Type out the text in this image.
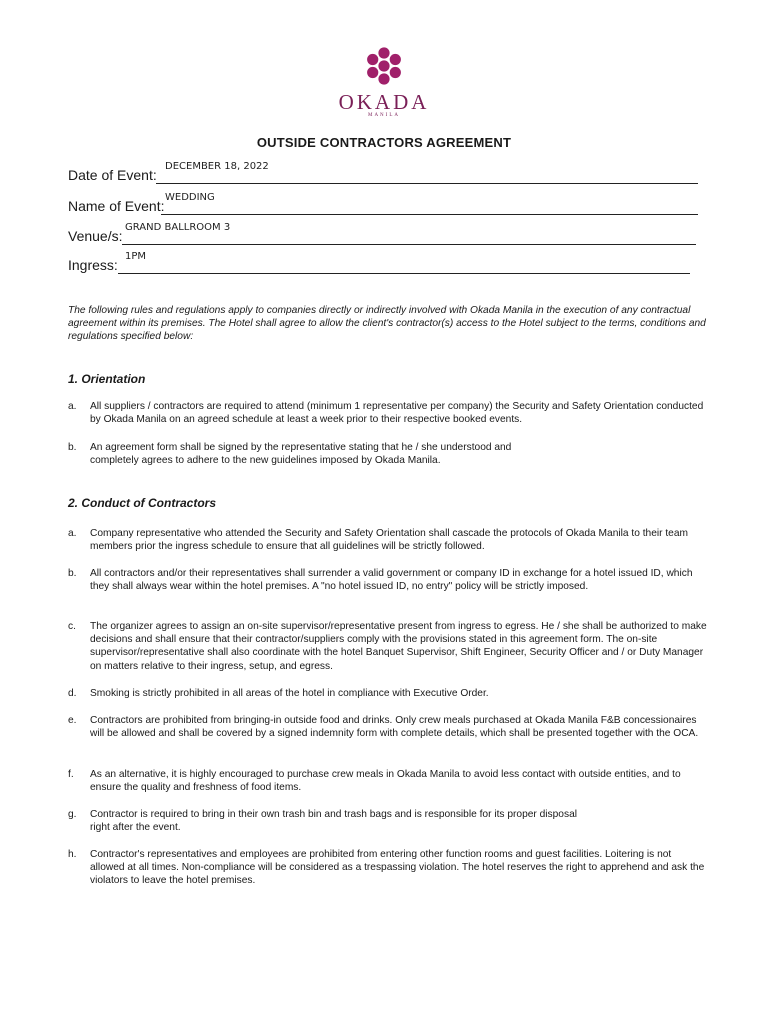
OKADA
MANILA
OUTSIDE CONTRACTORS AGREEMENT
Date of Event:
DECEMBER 18, 2022
Name of Event:
WEDDING
Venue/s:
GRAND BALLROOM 3
Ingress:
1PM
The following rules and regulations apply to companies directly or indirectly involved with Okada Manila in the execution of any contractual agreement within its premises. The Hotel shall agree to allow the client's contractor(s) access to the Hotel subject to the terms, conditions and regulations specified below:
1. Orientation
a. All suppliers / contractors are required to attend (minimum 1 representative per company) the Security and Safety Orientation conducted by Okada Manila on an agreed schedule at least a week prior to their respective booked events.
b. An agreement form shall be signed by the representative stating that he / she understood and completely agrees to adhere to the new guidelines imposed by Okada Manila.
2. Conduct of Contractors
a. Company representative who attended the Security and Safety Orientation shall cascade the protocols of Okada Manila to their team members prior the ingress schedule to ensure that all guidelines will be strictly followed.
b. All contractors and/or their representatives shall surrender a valid government or company ID in exchange for a hotel issued ID, which they shall always wear within the hotel premises. A "no hotel issued ID, no entry" policy will be strictly imposed.
c. The organizer agrees to assign an on-site supervisor/representative present from ingress to egress. He / she shall be authorized to make decisions and shall ensure that their contractor/suppliers comply with the provisions stated in this agreement form. The on-site supervisor/representative shall also coordinate with the hotel Banquet Supervisor, Shift Engineer, Security Officer and / or Duty Manager on matters relative to their ingress, setup, and egress.
d. Smoking is strictly prohibited in all areas of the hotel in compliance with Executive Order.
e. Contractors are prohibited from bringing-in outside food and drinks. Only crew meals purchased at Okada Manila F&B concessionaires will be allowed and shall be covered by a signed indemnity form with complete details, which shall be presented together with the OCA.
f. As an alternative, it is highly encouraged to purchase crew meals in Okada Manila to avoid less contact with outside entities, and to ensure the quality and freshness of food items.
g. Contractor is required to bring in their own trash bin and trash bags and is responsible for its proper disposal right after the event.
h. Contractor's representatives and employees are prohibited from entering other function rooms and guest facilities. Loitering is not allowed at all times. Non-compliance will be considered as a trespassing violation. The hotel reserves the right to apprehend and ask the violators to leave the hotel premises.
